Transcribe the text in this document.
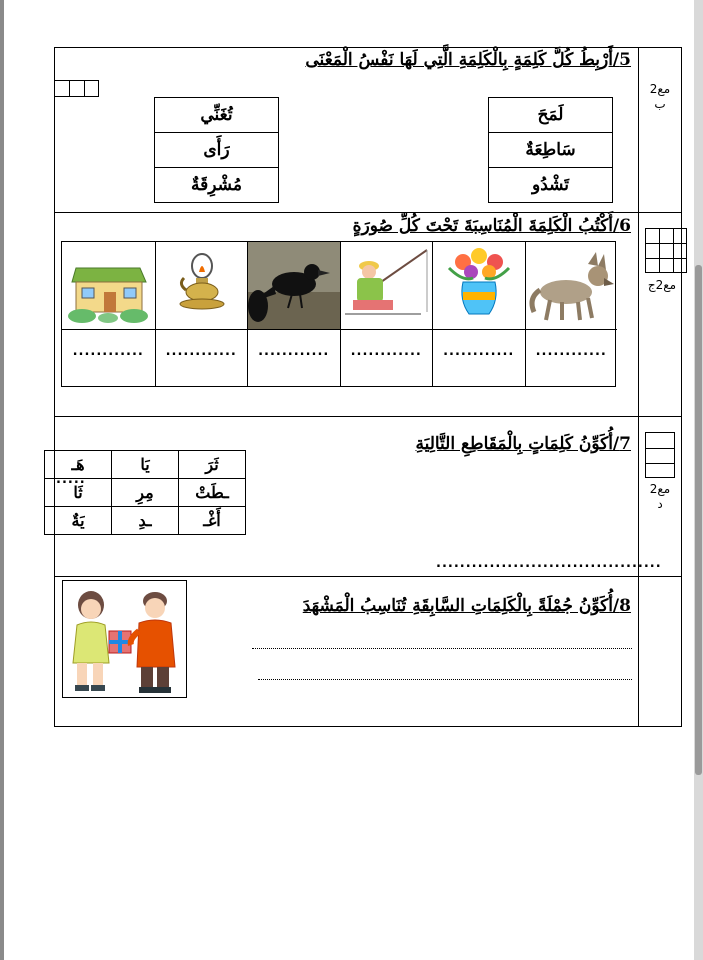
5/أَرْبِطُ كُلَّ كَلِمَةٍ بِالْكَلِمَةِ الَّتِي لَهَا نَفْسُ الْمَعْنَى
مع2
ب
لَمَحَ
سَاطِعَةٌ
تَشْدُو
تُغَنِّي
رَأَى
مُشْرِقَةٌ
6/أَكْتُبُ الْكَلِمَةَ الْمُنَاسِبَةَ تَحْتَ كُلِّ صُورَةٍ
مع2ج
............	............	............	............	............	............
7/أُكَوِّنُ كَلِمَاتٍ بِالْمَقَاطِعِ التَّالِيَةِ
مع2
د
هَـ	يَا	ثَرَ
ثَا	مِرِ	ـطَتْ
يَةٌ	ـدِ	أَغْـ
.....
......................................
8/أُكَوِّنُ جُمْلَةً بِالْكَلِمَاتِ السَّابِقَةِ تُنَاسِبُ الْمَشْهَدَ
